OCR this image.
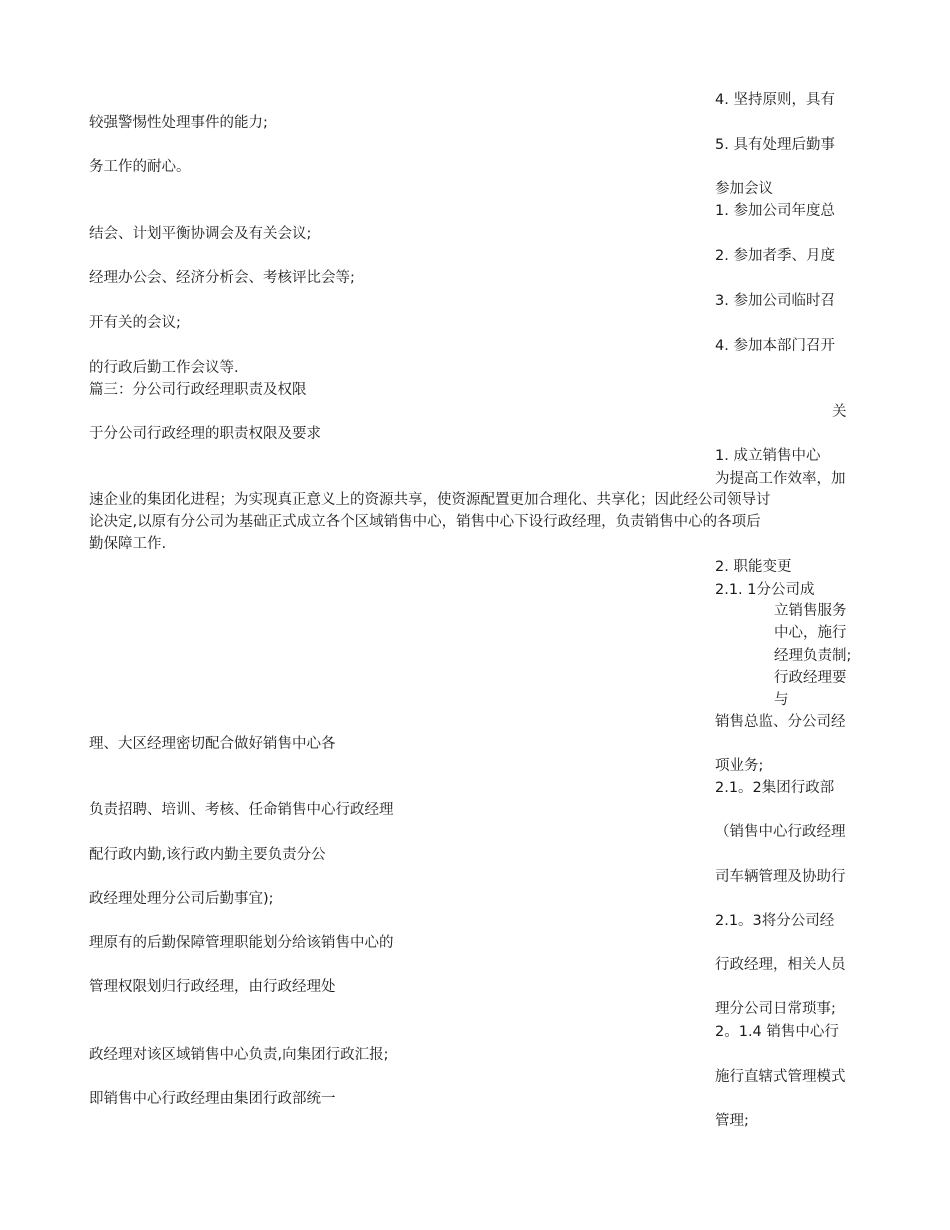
4. 坚持原则，具有
5. 具有处理后勤事
参加会议
1. 参加公司年度总
2. 参加者季、月度
3. 参加公司临时召
4. 参加本部门召开
关
1. 成立销售中心
为提高工作效率，加
2. 职能变更
2.1. 1分公司成
立销售服务
中心，施行
经理负责制;
行政经理要
与
销售总监、分公司经
项业务;
2.1。2集团行政部
（销售中心行政经理
司车辆管理及协助行
2.1。3将分公司经
行政经理，相关人员
理分公司日常琐事;
2。1.4 销售中心行
施行直辖式管理模式
管理;
较强警惕性处理事件的能力;
务工作的耐心。
结会、计划平衡协调会及有关会议;
经理办公会、经济分析会、考核评比会等;
开有关的会议;
的行政后勤工作会议等.
篇三：分公司行政经理职责及权限
于分公司行政经理的职责权限及要求
速企业的集团化进程；为实现真正意义上的资源共享，使资源配置更加合理化、共享化；因此经公司领导讨
论决定,以原有分公司为基础正式成立各个区域销售中心，销售中心下设行政经理，负责销售中心的各项后
勤保障工作.
理、大区经理密切配合做好销售中心各
负责招聘、培训、考核、任命销售中心行政经理
配行政内勤,该行政内勤主要负责分公
政经理处理分公司后勤事宜);
理原有的后勤保障管理职能划分给该销售中心的
管理权限划归行政经理，由行政经理处
政经理对该区域销售中心负责,向集团行政汇报;
即销售中心行政经理由集团行政部统一
